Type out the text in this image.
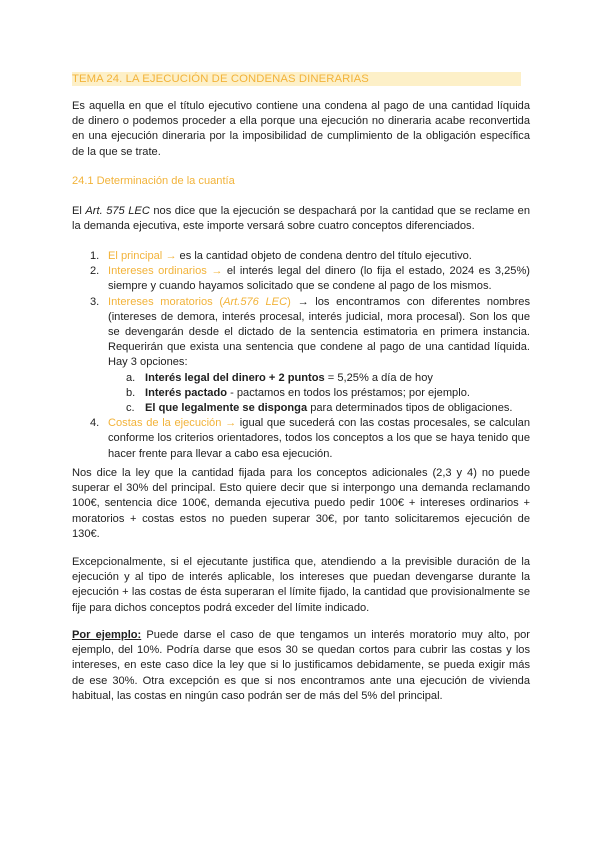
TEMA 24. LA EJECUCIÓN DE CONDENAS DINERARIAS

Es aquella en que el título ejecutivo contiene una condena al pago de una cantidad líquida de dinero o podemos proceder a ella porque una ejecución no dineraria acabe reconvertida en una ejecución dineraria por la imposibilidad de cumplimiento de la obligación específica de la que se trate.

24.1 Determinación de la cuantía

El Art. 575 LEC nos dice que la ejecución se despachará por la cantidad que se reclame en la demanda ejecutiva, este importe versará sobre cuatro conceptos diferenciados.

1. El principal → es la cantidad objeto de condena dentro del título ejecutivo.
2. Intereses ordinarios → el interés legal del dinero (lo fija el estado, 2024 es 3,25%) siempre y cuando hayamos solicitado que se condene al pago de los mismos.
3. Intereses moratorios (Art.576 LEC) → los encontramos con diferentes nombres (intereses de demora, interés procesal, interés judicial, mora procesal). Son los que se devengarán desde el dictado de la sentencia estimatoria en primera instancia. Requerirán que exista una sentencia que condene al pago de una cantidad líquida. Hay 3 opciones:
a. Interés legal del dinero + 2 puntos = 5,25% a día de hoy
b. Interés pactado - pactamos en todos los préstamos; por ejemplo.
c. El que legalmente se disponga para determinados tipos de obligaciones.
4. Costas de la ejecución → igual que sucederá con las costas procesales, se calculan conforme los criterios orientadores, todos los conceptos a los que se haya tenido que hacer frente para llevar a cabo esa ejecución.

Nos dice la ley que la cantidad fijada para los conceptos adicionales (2,3 y 4) no puede superar el 30% del principal. Esto quiere decir que si interpongo una demanda reclamando 100€, sentencia dice 100€, demanda ejecutiva puedo pedir 100€ + intereses ordinarios + moratorios + costas estos no pueden superar 30€, por tanto solicitaremos ejecución de 130€.

Excepcionalmente, si el ejecutante justifica que, atendiendo a la previsible duración de la ejecución y al tipo de interés aplicable, los intereses que puedan devengarse durante la ejecución + las costas de ésta superaran el límite fijado, la cantidad que provisionalmente se fije para dichos conceptos podrá exceder del límite indicado.

Por ejemplo: Puede darse el caso de que tengamos un interés moratorio muy alto, por ejemplo, del 10%. Podría darse que esos 30 se quedan cortos para cubrir las costas y los intereses, en este caso dice la ley que si lo justificamos debidamente, se pueda exigir más de ese 30%. Otra excepción es que si nos encontramos ante una ejecución de vivienda habitual, las costas en ningún caso podrán ser de más del 5% del principal.
